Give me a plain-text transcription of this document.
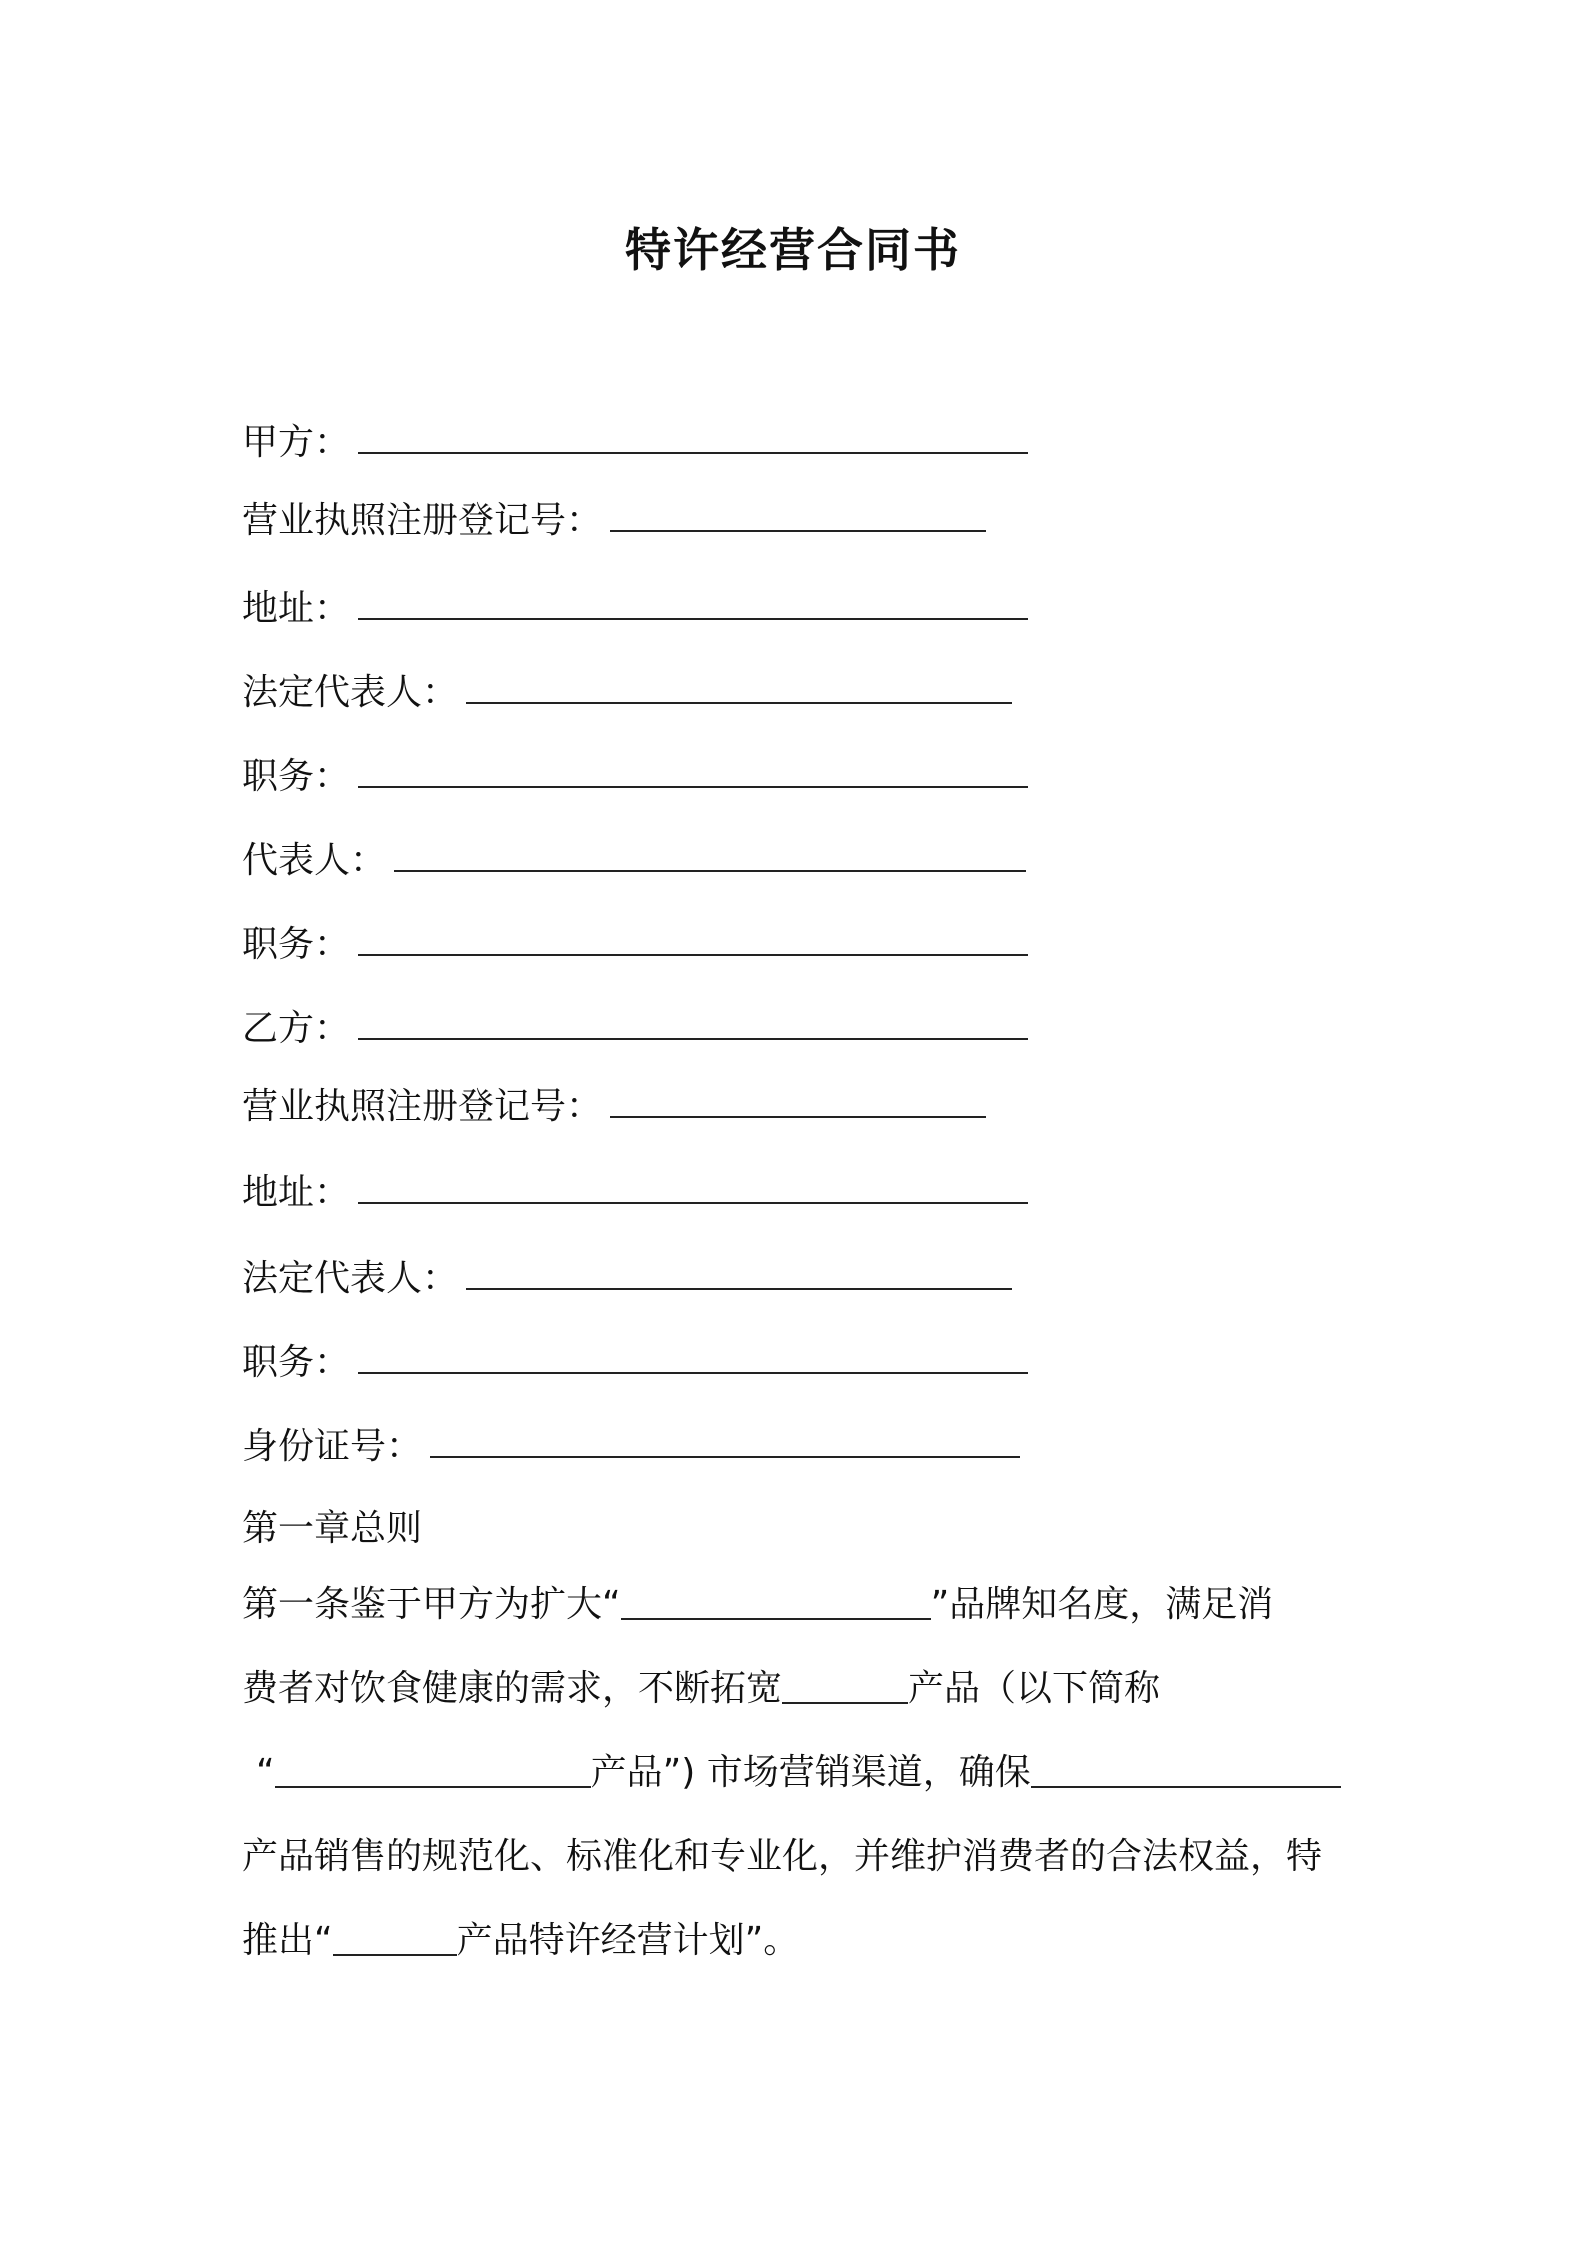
特许经营合同书
甲方：
营业执照注册登记号：
地址：
法定代表人：
职务：
代表人：
职务：
乙方：
营业执照注册登记号：
地址：
法定代表人：
职务：
身份证号：
第一章总则

第一条鉴于甲方为扩大“	”品牌知名度，满足消

费者对饮食健康的需求，不断拓宽	产品（以下简称

“	产品”) 市场营销渠道，确保

产品销售的规范化、标准化和专业化，并维护消费者的合法权益，特

推出“	产品特许经营计划”。
